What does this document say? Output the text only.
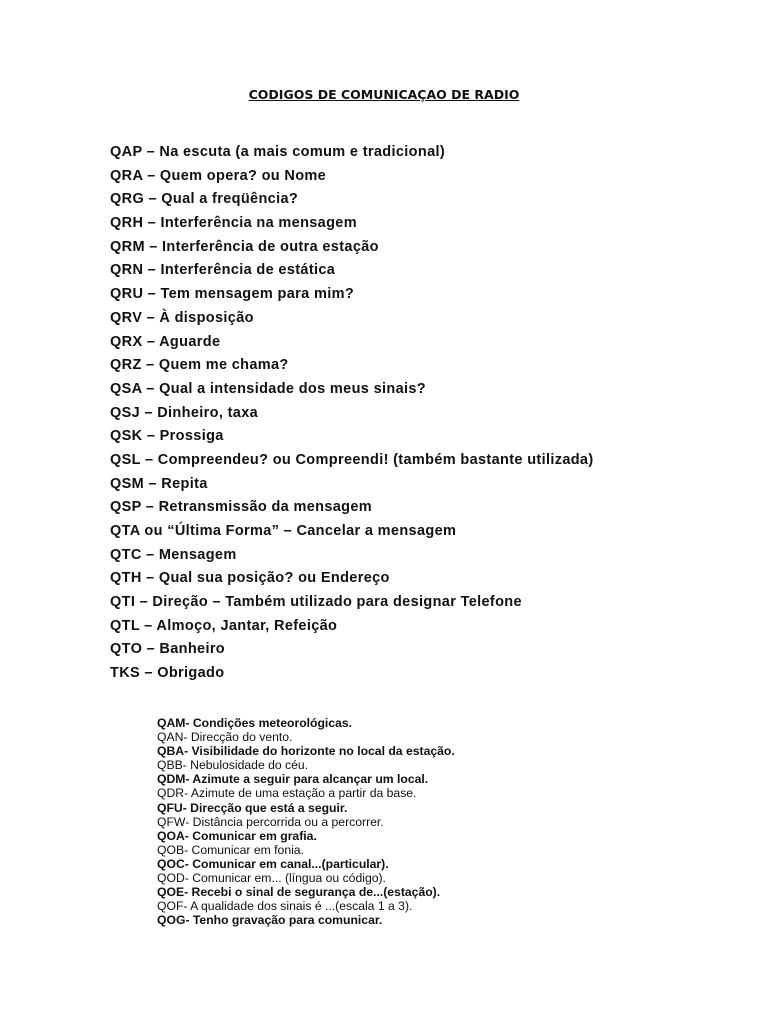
CODIGOS DE COMUNICAÇAO DE RADIO
QAP – Na escuta (a mais comum e tradicional)
QRA – Quem opera? ou Nome
QRG – Qual a freqüência?
QRH – Interferência na mensagem
QRM – Interferência de outra estação
QRN – Interferência de estática
QRU – Tem mensagem para mim?
QRV – À disposição
QRX – Aguarde
QRZ – Quem me chama?
QSA – Qual a intensidade dos meus sinais?
QSJ – Dinheiro, taxa
QSK – Prossiga
QSL – Compreendeu? ou Compreendi! (também bastante utilizada)
QSM – Repita
QSP – Retransmissão da mensagem
QTA ou “Última Forma” – Cancelar a mensagem
QTC – Mensagem
QTH – Qual sua posição? ou Endereço
QTI – Direção – Também utilizado para designar Telefone
QTL – Almoço, Jantar, Refeição
QTO – Banheiro
TKS – Obrigado
QAM- Condições meteorológicas.
QAN- Direcção do vento.
QBA- Visibilidade do horizonte no local da estação.
QBB- Nebulosidade do céu.
QDM- Azimute a seguir para alcançar um local.
QDR- Azimute de uma estação a partir da base.
QFU- Direcção que está a seguir.
QFW- Distância percorrida ou a percorrer.
QOA- Comunicar em grafia.
QOB- Comunicar em fonia.
QOC- Comunicar em canal...(particular).
QOD- Comunicar em... (língua ou código).
QOE- Recebi o sinal de segurança de...(estação).
QOF- A qualidade dos sinais é ...(escala 1 a 3).
QOG- Tenho gravação para comunicar.
